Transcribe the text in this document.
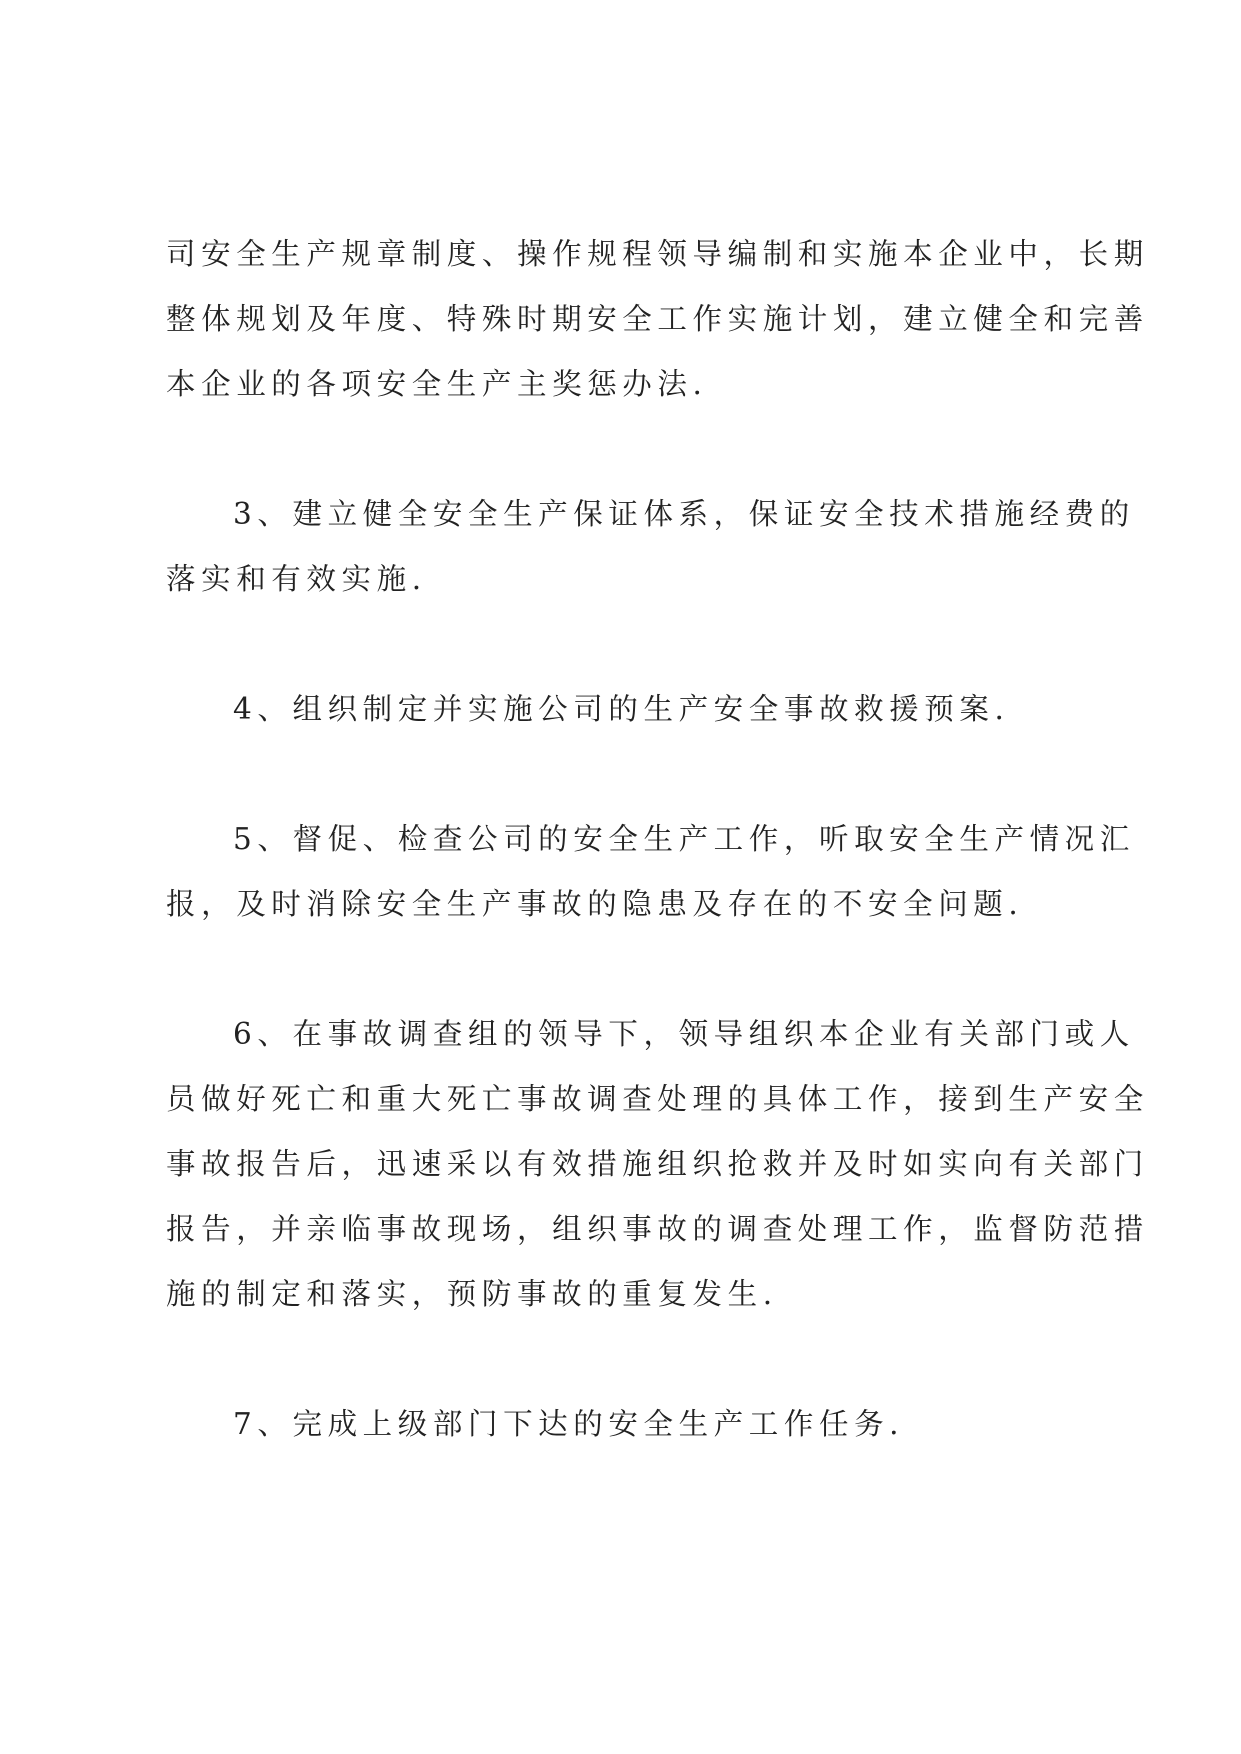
司安全生产规章制度、操作规程领导编制和实施本企业中，长期
整体规划及年度、特殊时期安全工作实施计划，建立健全和完善
本企业的各项安全生产主奖惩办法.

3、建立健全安全生产保证体系，保证安全技术措施经费的
落实和有效实施.

4、组织制定并实施公司的生产安全事故救援预案.

5、督促、检查公司的安全生产工作，听取安全生产情况汇
报，及时消除安全生产事故的隐患及存在的不安全问题.

6、在事故调查组的领导下，领导组织本企业有关部门或人
员做好死亡和重大死亡事故调查处理的具体工作，接到生产安全
事故报告后，迅速采以有效措施组织抢救并及时如实向有关部门
报告，并亲临事故现场，组织事故的调查处理工作，监督防范措
施的制定和落实，预防事故的重复发生.

7、完成上级部门下达的安全生产工作任务.
